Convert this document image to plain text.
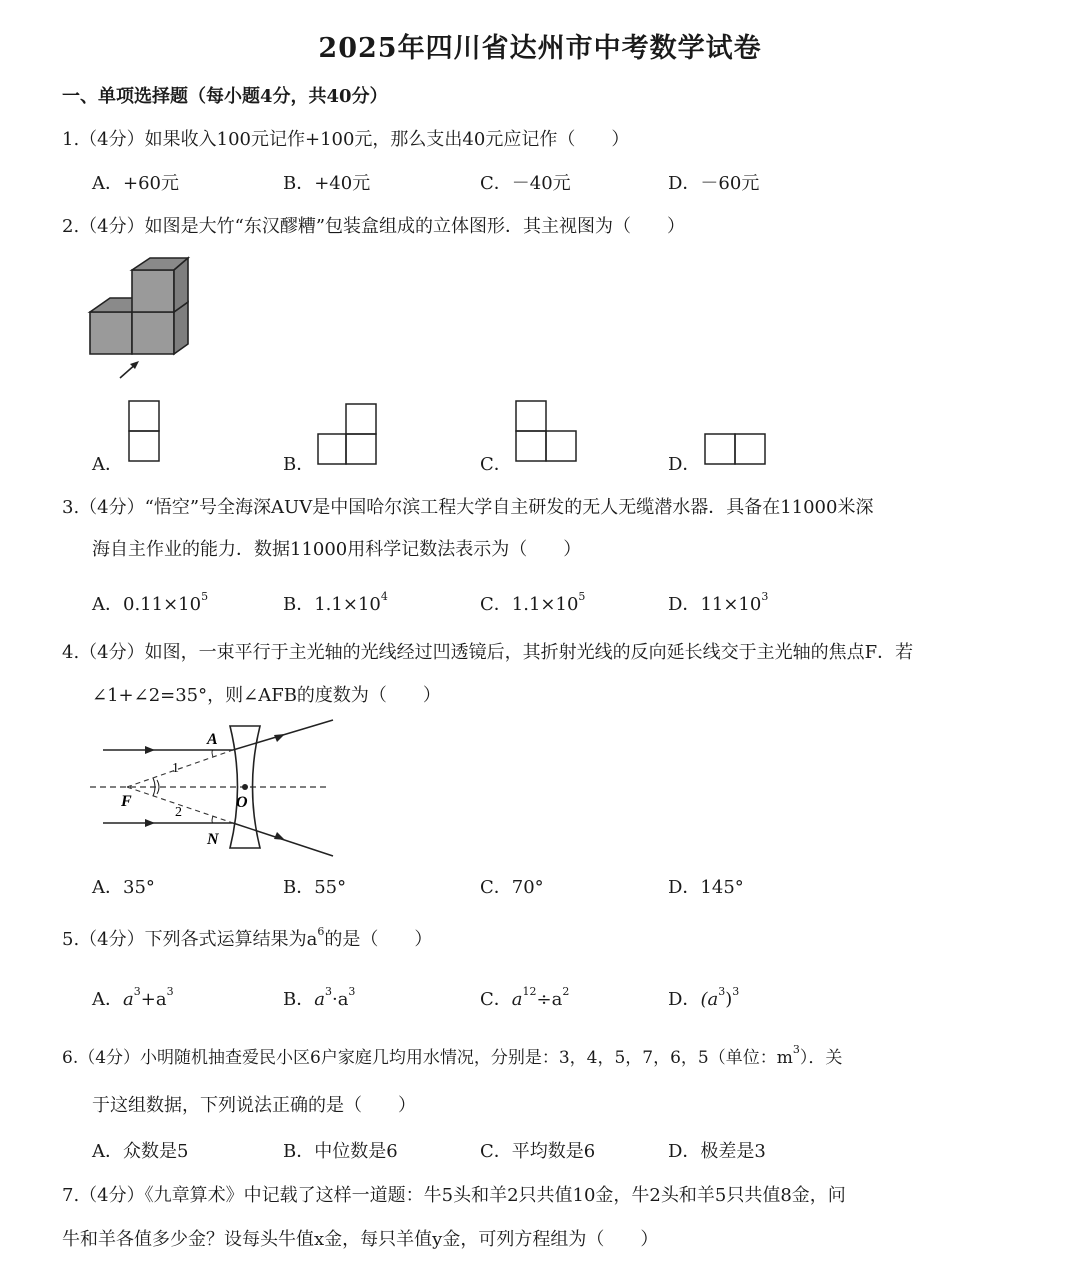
2025年四川省达州市中考数学试卷
一、单项选择题（每小题4分，共40分）
1.（4分）如果收入100元记作+100元，那么支出40元应记作（　　）
A．+60元	B．+40元	C．－40元	D．－60元
2.（4分）如图是大竹“东汉醪糟”包装盒组成的立体图形．其主视图为（　　）
A．	B．	C．	D．
3.（4分）“悟空”号全海深AUV是中国哈尔滨工程大学自主研发的无人无缆潜水器．具备在11000米深
海自主作业的能力．数据11000用科学记数法表示为（　　）
A．$0.11\times 10^5$	B．$1.1\times 10^4$	C．$1.1\times 10^5$	D．$11\times 10^3$
4.（4分）如图，一束平行于主光轴的光线经过凹透镜后，其折射光线的反向延长线交于主光轴的焦点F．若
∠1+∠2=35°，则∠AFB的度数为（　　）
A
F	O
N
1
2
A．35°	B．55°	C．70°	D．145°
5.（4分）下列各式运算结果为$a^6$的是（　　）
A．$a^3+a^3$	B．$a^3\cdot a^3$	C．$a^{12}\div a^2$	D．$(a^3)^3$
6.（4分）小明随机抽查爱民小区6户家庭几均用水情况，分别是：3，4，5，7，6，5（单位：$m^3$）．关
于这组数据，下列说法正确的是（　　）
A．众数是5	B．中位数是6	C．平均数是6	D．极差是3
7.（4分）《九章算术》中记载了这样一道题：牛5头和羊2只共值10金，牛2头和羊5只共值8金，问
牛和羊各值多少金？设每头牛值x金，每只羊值y金，可列方程组为（　　）
